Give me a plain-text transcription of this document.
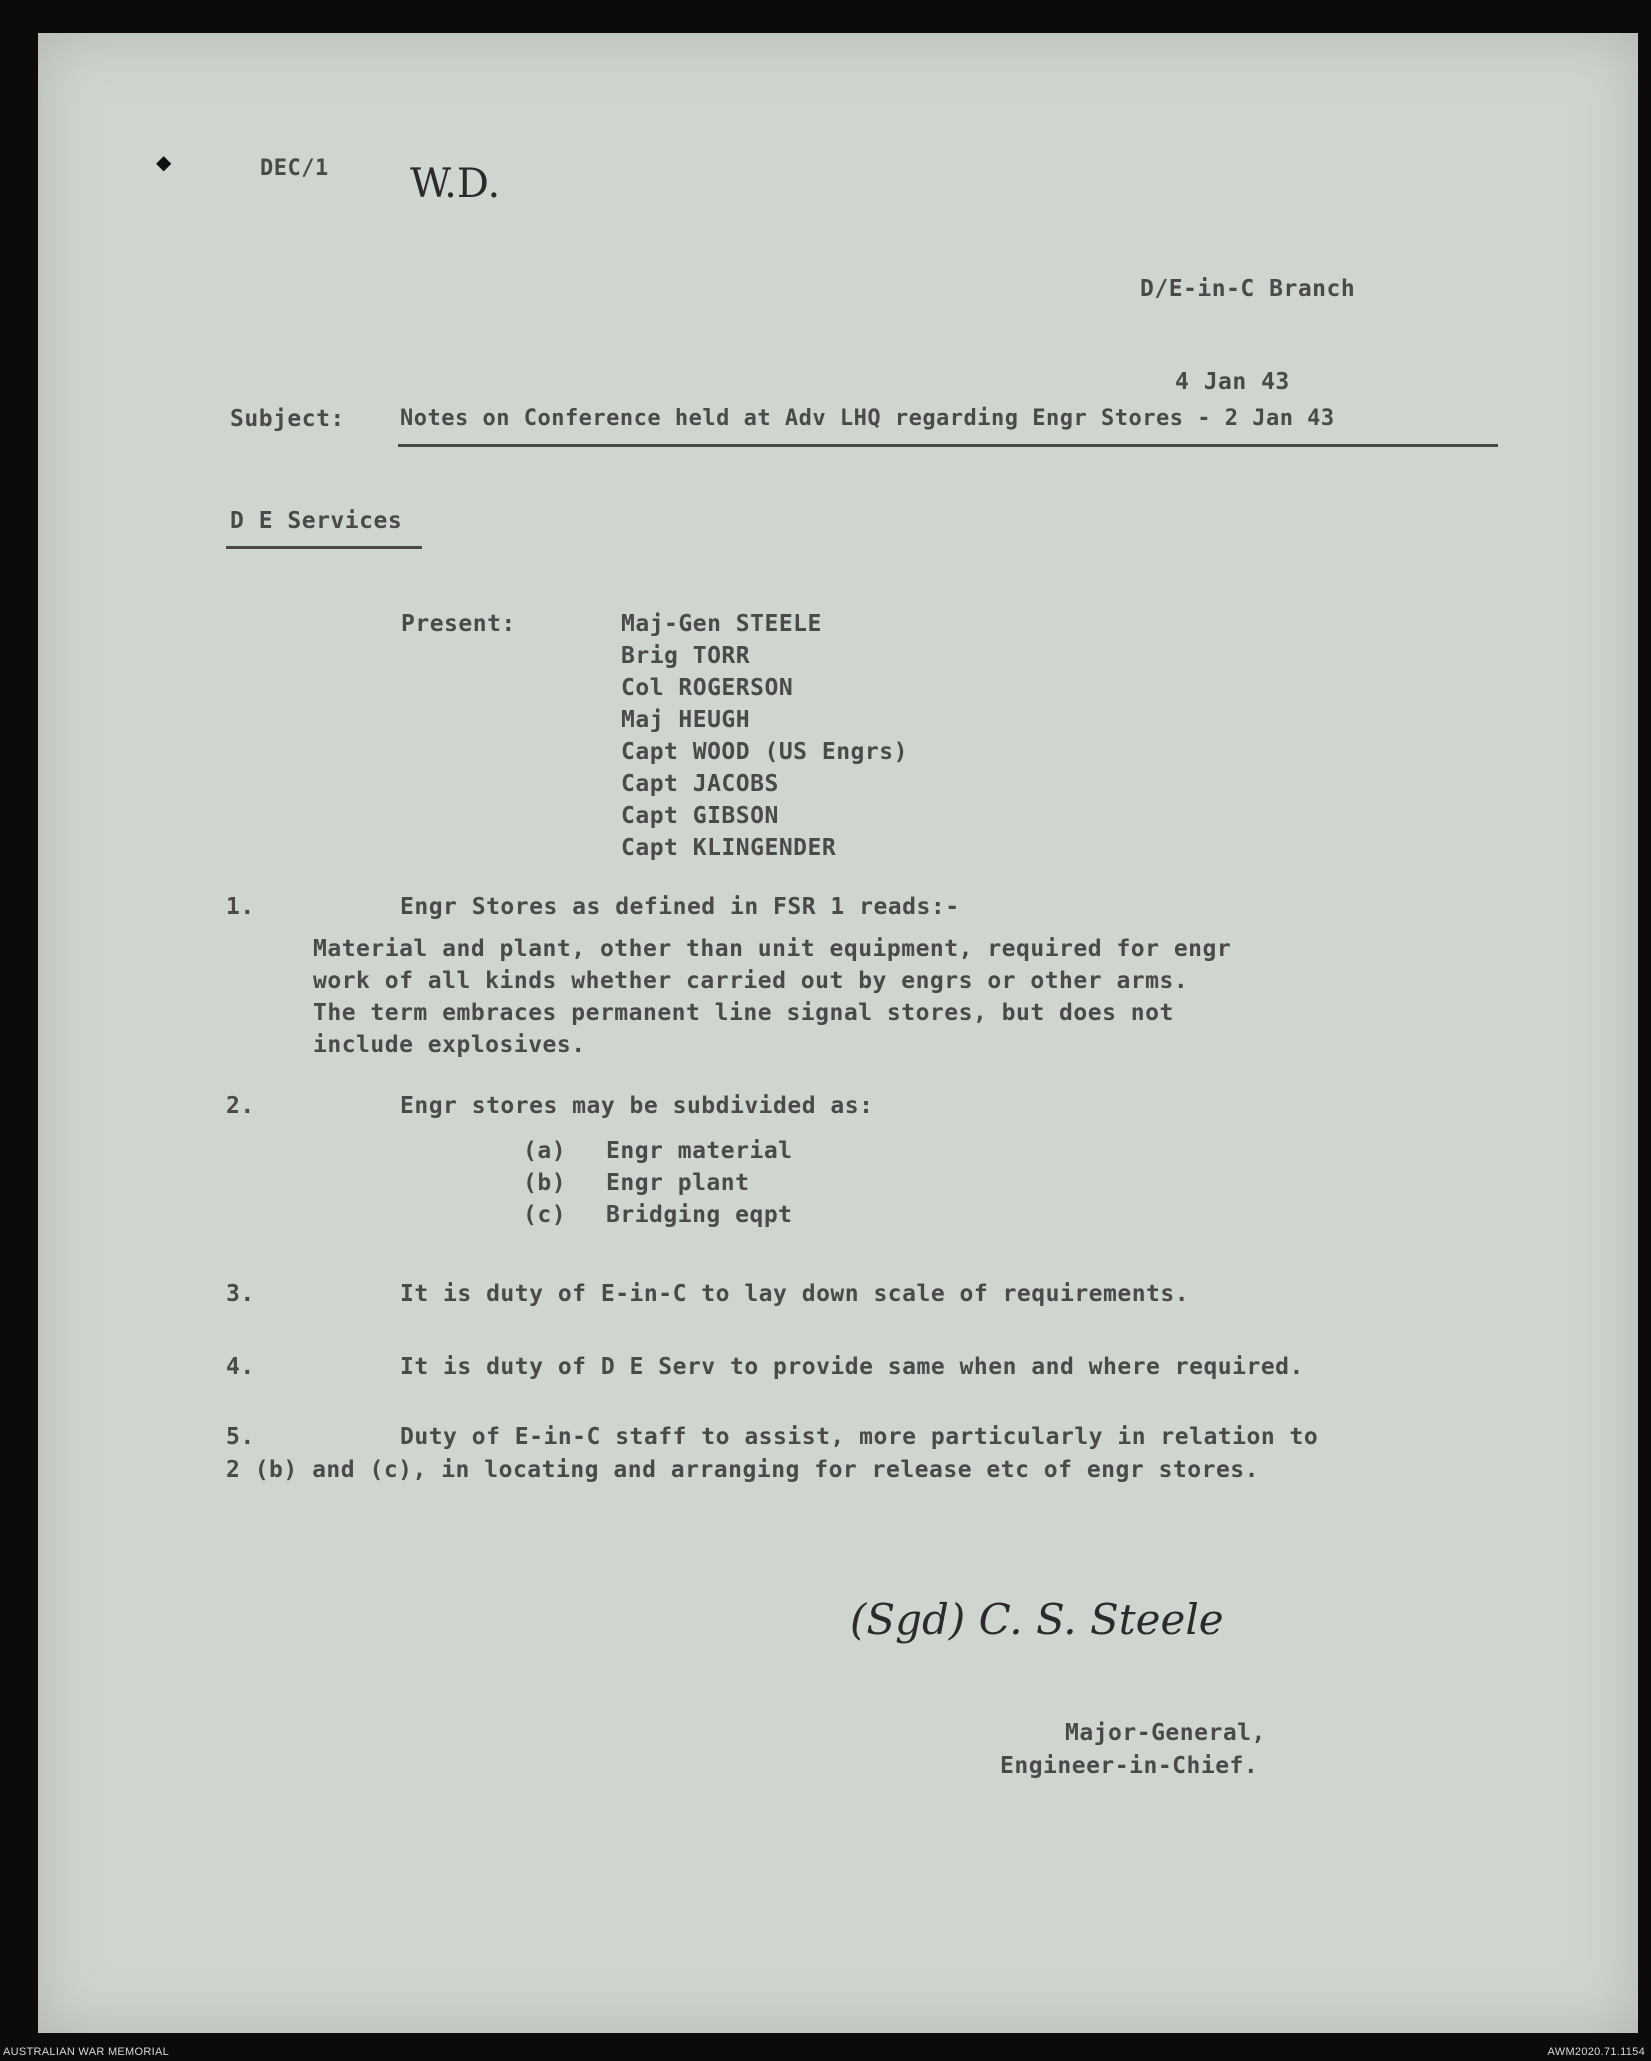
◆	DEC/1 W.D.
D/E-in-C Branch
4 Jan 43
Subject:	Notes on Conference held at Adv LHQ regarding Engr Stores - 2 Jan 43
D E Services
Present:	Maj-Gen STEELE
Brig TORR
Col ROGERSON
Maj HEUGH
Capt WOOD (US Engrs)
Capt JACOBS
Capt GIBSON
Capt KLINGENDER
1.	Engr Stores as defined in FSR 1 reads:-
Material and plant, other than unit equipment, required for engr
work of all kinds whether carried out by engrs or other arms.
The term embraces permanent line signal stores, but does not
include explosives.
2.	Engr stores may be subdivided as:
(a) Engr material
(b) Engr plant
(c) Bridging eqpt
3.	It is duty of E-in-C to lay down scale of requirements.
4.	It is duty of D E Serv to provide same when and where required.
5.	Duty of E-in-C staff to assist, more particularly in relation to
2 (b) and (c), in locating and arranging for release etc of engr stores.
(Sgd) C. S. Steele
Major-General,
Engineer-in-Chief.
AUSTRALIAN WAR MEMORIAL	AWM2020.71.1154
